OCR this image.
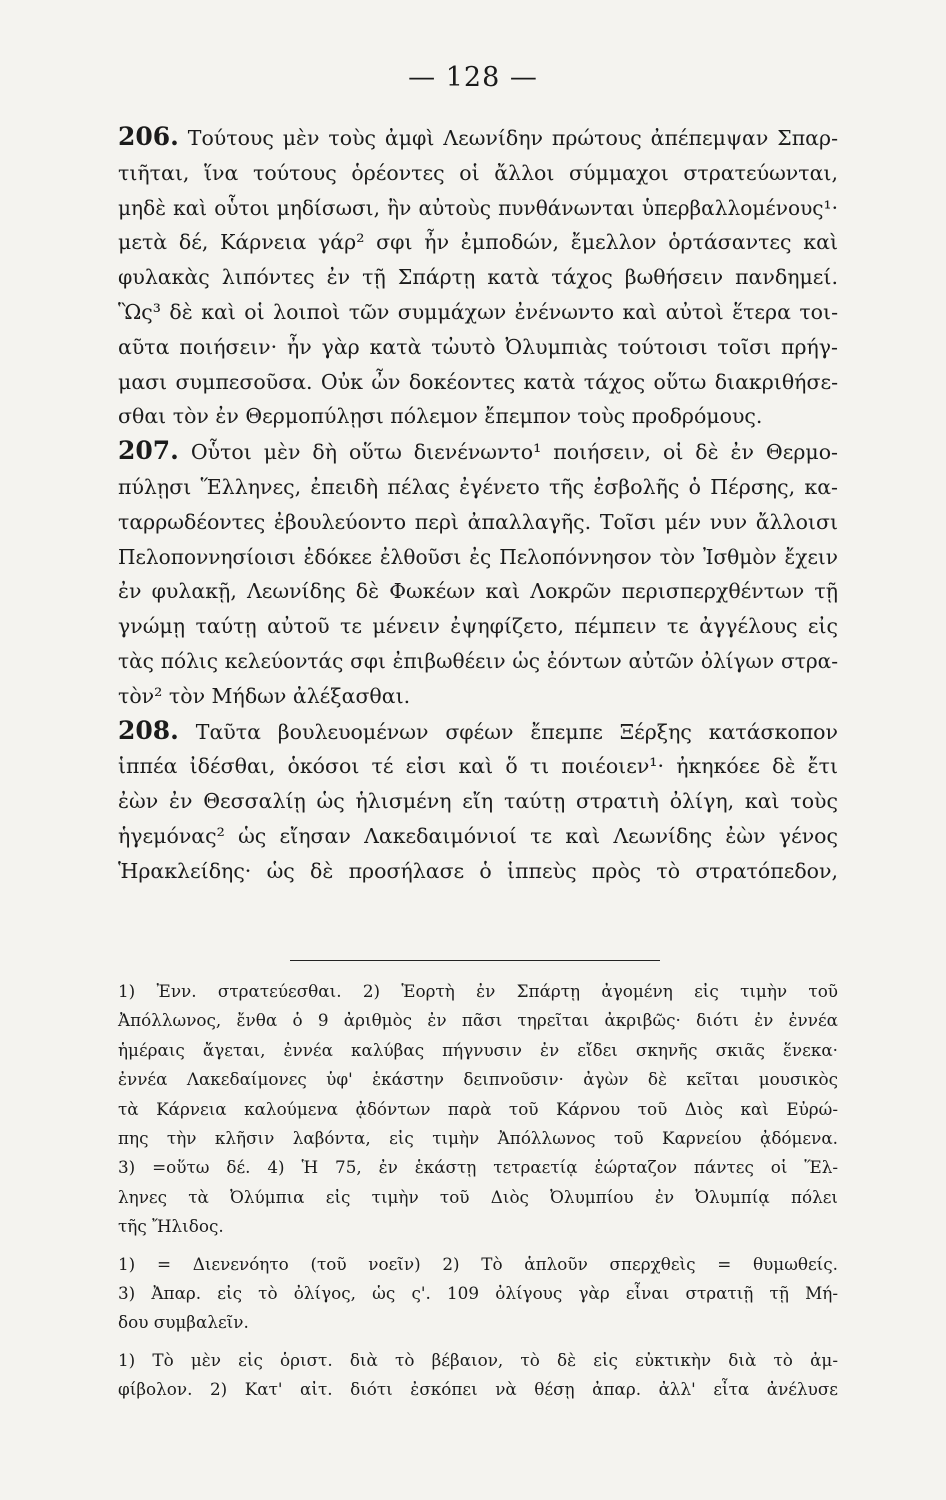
— 128 —
206. Τούτους μὲν τοὺς ἀμφὶ Λεωνίδην πρώτους ἀπέπεμψαν Σπαρ-
τιῆται, ἵνα τούτους ὁρέοντες οἱ ἄλλοι σύμμαχοι στρατεύωνται,
μηδὲ καὶ οὗτοι μηδίσωσι, ἢν αὐτοὺς πυνθάνωνται ὑπερβαλλομένους¹·
μετὰ δέ, Κάρνεια γάρ² σφι ἦν ἐμποδών, ἔμελλον ὁρτάσαντες καὶ
φυλακὰς λιπόντες ἐν τῇ Σπάρτῃ κατὰ τάχος βωθήσειν πανδημεί.
Ὣς³ δὲ καὶ οἱ λοιποὶ τῶν συμμάχων ἐνένωντο καὶ αὐτοὶ ἕτερα τοι-
αῦτα ποιήσειν· ἦν γὰρ κατὰ τὠυτὸ Ὀλυμπιὰς τούτοισι τοῖσι πρήγ-
μασι συμπεσοῦσα. Οὐκ ὦν δοκέοντες κατὰ τάχος οὕτω διακριθήσε-
σθαι τὸν ἐν Θερμοπύλῃσι πόλεμον ἔπεμπον τοὺς προδρόμους.
207. Οὗτοι μὲν δὴ οὕτω διενένωντο¹ ποιήσειν, οἱ δὲ ἐν Θερμο-
πύλῃσι Ἕλληνες, ἐπειδὴ πέλας ἐγένετο τῆς ἐσβολῆς ὁ Πέρσης, κα-
ταρρωδέοντες ἐβουλεύοντο περὶ ἀπαλλαγῆς. Τοῖσι μέν νυν ἄλλοισι
Πελοποννησίοισι ἐδόκεε ἐλθοῦσι ἐς Πελοπόννησον τὸν Ἰσθμὸν ἔχειν
ἐν φυλακῇ, Λεωνίδης δὲ Φωκέων καὶ Λοκρῶν περισπερχθέντων τῇ
γνώμῃ ταύτῃ αὐτοῦ τε μένειν ἐψηφίζετο, πέμπειν τε ἀγγέλους εἰς
τὰς πόλις κελεύοντάς σφι ἐπιβωθέειν ὡς ἐόντων αὐτῶν ὀλίγων στρα-
τὸν² τὸν Μήδων ἀλέξασθαι.
208. Ταῦτα βουλευομένων σφέων ἔπεμπε Ξέρξης κατάσκοπον
ἱππέα ἰδέσθαι, ὁκόσοι τέ εἰσι καὶ ὅ τι ποιέοιεν¹· ἠκηκόεε δὲ ἔτι
ἐὼν ἐν Θεσσαλίῃ ὡς ἡλισμένη εἴη ταύτῃ στρατιὴ ὀλίγη, καὶ τοὺς
ἡγεμόνας² ὡς εἴησαν Λακεδαιμόνιοί τε καὶ Λεωνίδης ἐὼν γένος
Ἡρακλείδης· ὡς δὲ προσήλασε ὁ ἱππεὺς πρὸς τὸ στρατόπεδον,
1) Ἐνν. στρατεύεσθαι. 2) Ἑορτὴ ἐν Σπάρτῃ ἀγομένη εἰς τιμὴν τοῦ
Ἀπόλλωνος, ἔνθα ὁ 9 ἀριθμὸς ἐν πᾶσι τηρεῖται ἀκριβῶς· διότι ἐν ἐννέα
ἡμέραις ἄγεται, ἐννέα καλύβας πήγνυσιν ἐν εἴδει σκηνῆς σκιᾶς ἕνεκα·
ἐννέα Λακεδαίμονες ὑφ' ἑκάστην δειπνοῦσιν· ἀγὼν δὲ κεῖται μουσικὸς
τὰ Κάρνεια καλούμενα ᾀδόντων παρὰ τοῦ Κάρνου τοῦ Διὸς καὶ Εὐρώ-
πης τὴν κλῆσιν λαβόντα, εἰς τιμὴν Ἀπόλλωνος τοῦ Καρνείου ᾀδόμενα.
3) =οὕτω δέ. 4) Ἡ 75, ἐν ἑκάστῃ τετραετίᾳ ἑώρταζον πάντες οἱ Ἕλ-
ληνες τὰ Ὀλύμπια εἰς τιμὴν τοῦ Διὸς Ὀλυμπίου ἐν Ὀλυμπίᾳ πόλει
τῆς Ἤλιδος.
1) = Διενενόητο (τοῦ νοεῖν) 2) Τὸ ἁπλοῦν σπερχθεὶς = θυμωθείς.
3) Ἀπαρ. εἰς τὸ ὀλίγος, ὡς ς'. 109 ὀλίγους γὰρ εἶναι στρατιῇ τῇ Μή-
δου συμβαλεῖν.
1) Τὸ μὲν εἰς ὁριστ. διὰ τὸ βέβαιον, τὸ δὲ εἰς εὐκτικὴν διὰ τὸ ἀμ-
φίβολον. 2) Κατ' αἰτ. διότι ἐσκόπει νὰ θέσῃ ἀπαρ. ἀλλ' εἶτα ἀνέλυσε
